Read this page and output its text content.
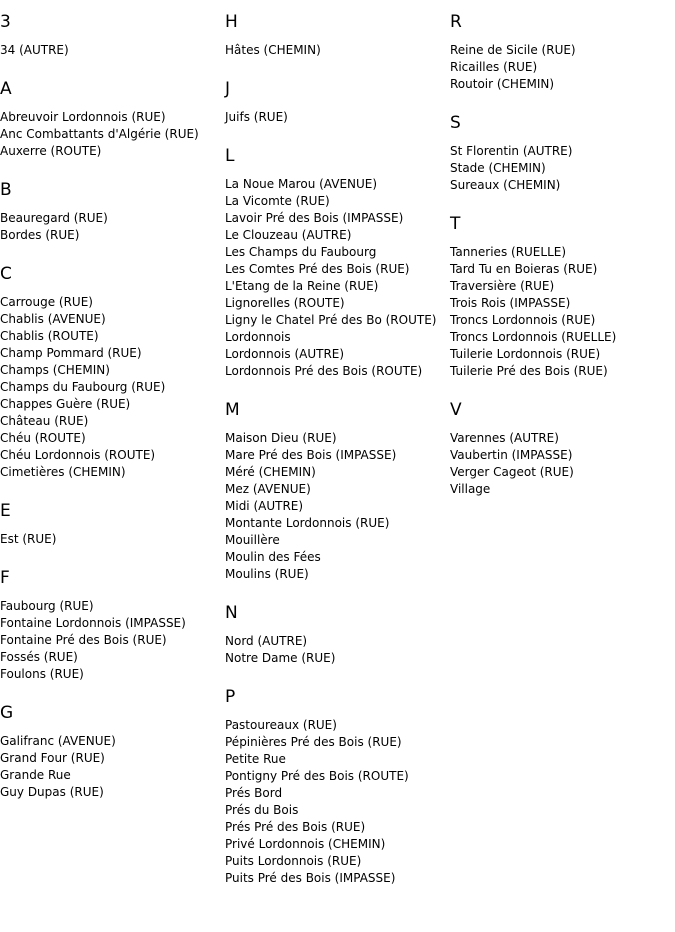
3
34 (AUTRE)
A
Abreuvoir Lordonnois (RUE)
Anc Combattants d'Algérie (RUE)
Auxerre (ROUTE)
B
Beauregard (RUE)
Bordes (RUE)
C
Carrouge (RUE)
Chablis (AVENUE)
Chablis (ROUTE)
Champ Pommard (RUE)
Champs (CHEMIN)
Champs du Faubourg (RUE)
Chappes Guère (RUE)
Château (RUE)
Chéu (ROUTE)
Chéu Lordonnois (ROUTE)
Cimetières (CHEMIN)
E
Est (RUE)
F
Faubourg (RUE)
Fontaine Lordonnois (IMPASSE)
Fontaine Pré des Bois (RUE)
Fossés (RUE)
Foulons (RUE)
G
Galifranc (AVENUE)
Grand Four (RUE)
Grande Rue
Guy Dupas (RUE)
H
Hâtes (CHEMIN)
J
Juifs (RUE)
L
La Noue Marou (AVENUE)
La Vicomte (RUE)
Lavoir Pré des Bois (IMPASSE)
Le Clouzeau (AUTRE)
Les Champs du Faubourg
Les Comtes Pré des Bois (RUE)
L'Etang de la Reine (RUE)
Lignorelles (ROUTE)
Ligny le Chatel Pré des Bo (ROUTE)
Lordonnois
Lordonnois (AUTRE)
Lordonnois Pré des Bois (ROUTE)
M
Maison Dieu (RUE)
Mare Pré des Bois (IMPASSE)
Méré (CHEMIN)
Mez (AVENUE)
Midi (AUTRE)
Montante Lordonnois (RUE)
Mouillère
Moulin des Fées
Moulins (RUE)
N
Nord (AUTRE)
Notre Dame (RUE)
P
Pastoureaux (RUE)
Pépinières Pré des Bois (RUE)
Petite Rue
Pontigny Pré des Bois (ROUTE)
Prés Bord
Prés du Bois
Prés Pré des Bois (RUE)
Privé Lordonnois (CHEMIN)
Puits Lordonnois (RUE)
Puits Pré des Bois (IMPASSE)
R
Reine de Sicile (RUE)
Ricailles (RUE)
Routoir (CHEMIN)
S
St Florentin (AUTRE)
Stade (CHEMIN)
Sureaux (CHEMIN)
T
Tanneries (RUELLE)
Tard Tu en Boieras (RUE)
Traversière (RUE)
Trois Rois (IMPASSE)
Troncs Lordonnois (RUE)
Troncs Lordonnois (RUELLE)
Tuilerie Lordonnois (RUE)
Tuilerie Pré des Bois (RUE)
V
Varennes (AUTRE)
Vaubertin (IMPASSE)
Verger Cageot (RUE)
Village
